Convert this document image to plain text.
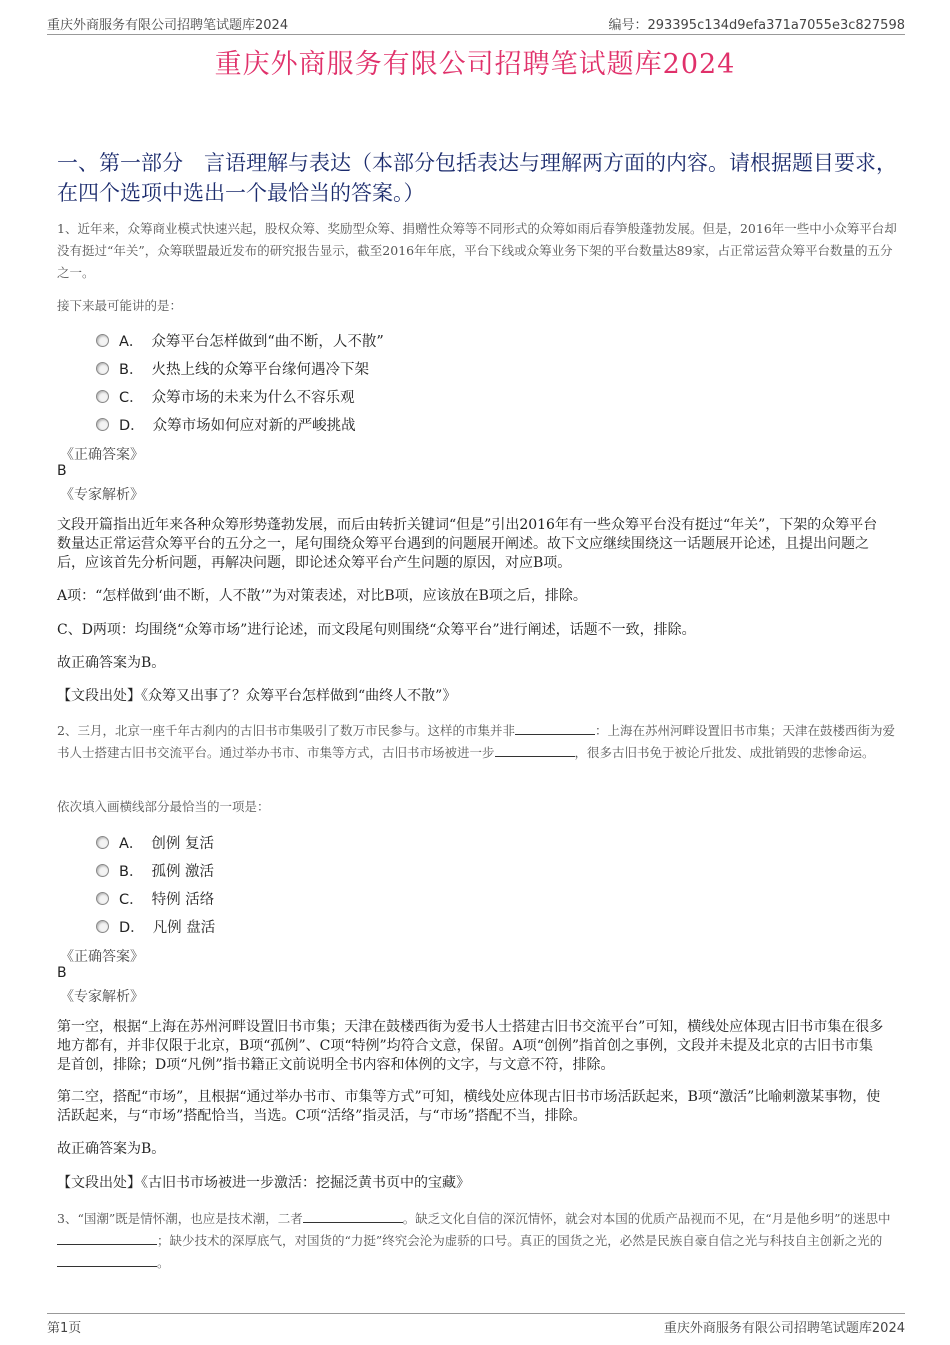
重庆外商服务有限公司招聘笔试题库2024	编号：293395c134d9efa371a7055e3c827598
重庆外商服务有限公司招聘笔试题库2024
一、第一部分　言语理解与表达（本部分包括表达与理解两方面的内容。请根据题目要求，在四个选项中选出一个最恰当的答案。）
1、近年来，众筹商业模式快速兴起，股权众筹、奖励型众筹、捐赠性众筹等不同形式的众筹如雨后春笋般蓬勃发展。但是，2016年一些中小众筹平台却没有挺过“年关”，众筹联盟最近发布的研究报告显示，截至2016年年底，平台下线或众筹业务下架的平台数量达89家，占正常运营众筹平台数量的五分之一。
接下来最可能讲的是：
A． 众筹平台怎样做到“曲不断，人不散”
B． 火热上线的众筹平台缘何遇冷下架
C． 众筹市场的未来为什么不容乐观
D． 众筹市场如何应对新的严峻挑战
《正确答案》
B
《专家解析》
文段开篇指出近年来各种众筹形势蓬勃发展，而后由转折关键词“但是”引出2016年有一些众筹平台没有挺过“年关”，下架的众筹平台数量达正常运营众筹平台的五分之一，尾句围绕众筹平台遇到的问题展开阐述。故下文应继续围绕这一话题展开论述，且提出问题之后，应该首先分析问题，再解决问题，即论述众筹平台产生问题的原因，对应B项。
A项：“怎样做到‘曲不断，人不散’”为对策表述，对比B项，应该放在B项之后，排除。
C、D两项：均围绕“众筹市场”进行论述，而文段尾句则围绕“众筹平台”进行阐述，话题不一致，排除。
故正确答案为B。
【文段出处】《众筹又出事了？众筹平台怎样做到“曲终人不散”》
2、三月，北京一座千年古刹内的古旧书市集吸引了数万市民参与。这样的市集并非	：上海在苏州河畔设置旧书市集；天津在鼓楼西街为爱书人士搭建古旧书交流平台。通过举办书市、市集等方式，古旧书市场被进一步	，很多古旧书免于被论斤批发、成批销毁的悲惨命运。
依次填入画横线部分最恰当的一项是：
A． 创例 复活
B． 孤例 激活
C． 特例 活络
D． 凡例 盘活
《正确答案》
B
《专家解析》
第一空，根据“上海在苏州河畔设置旧书市集；天津在鼓楼西街为爱书人士搭建古旧书交流平台”可知，横线处应体现古旧书市集在很多地方都有，并非仅限于北京，B项“孤例”、C项“特例”均符合文意，保留。A项“创例”指首创之事例，文段并未提及北京的古旧书市集是首创，排除；D项“凡例”指书籍正文前说明全书内容和体例的文字，与文意不符，排除。
第二空，搭配“市场”，且根据“通过举办书市、市集等方式”可知，横线处应体现古旧书市场活跃起来，B项“激活”比喻刺激某事物，使活跃起来，与“市场”搭配恰当，当选。C项“活络”指灵活，与“市场”搭配不当，排除。
故正确答案为B。
【文段出处】《古旧书市场被进一步激活：挖掘泛黄书页中的宝藏》
3、“国潮”既是情怀潮，也应是技术潮，二者	。缺乏文化自信的深沉情怀，就会对本国的优质产品视而不见，在“月是他乡明”的迷思中；缺少技术的深厚底气，对国货的“力挺”终究会沦为虚骄的口号。真正的国货之光，必然是民族自豪自信之光与科技自主创新之光的。
第1页	重庆外商服务有限公司招聘笔试题库2024
